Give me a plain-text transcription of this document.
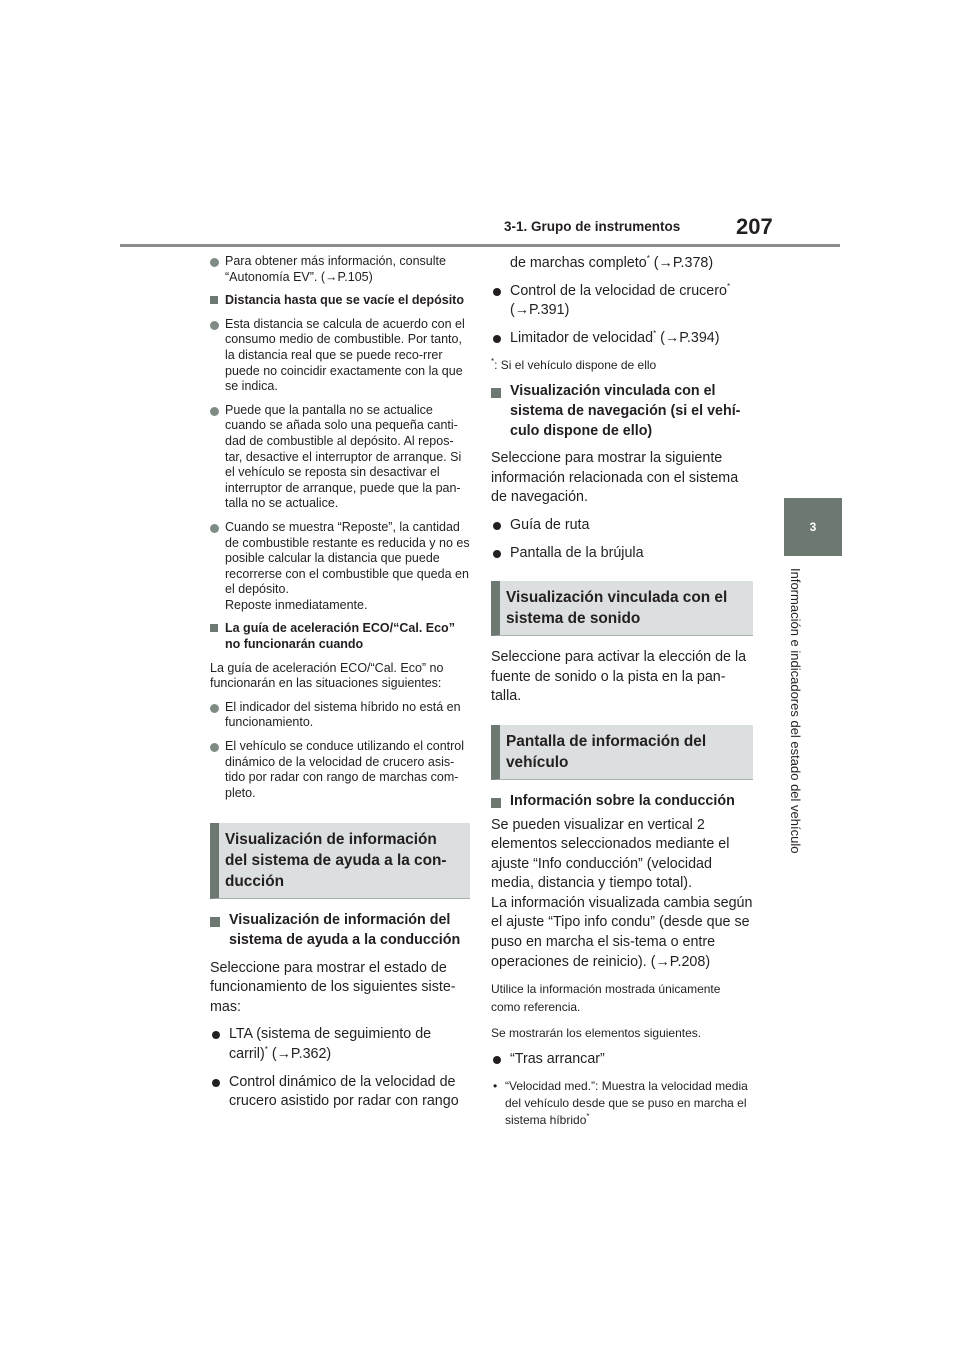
3-1. Grupo de instrumentos	207
3
Información e indicadores del estado del vehículo
Para obtener más información, consulte “Autonomía EV”. (→P.105)
Distancia hasta que se vacíe el depósito
Esta distancia se calcula de acuerdo con el consumo medio de combustible. Por tanto, la distancia real que se puede reco-rrer puede no coincidir exactamente con la que se indica.
Puede que la pantalla no se actualice cuando se añada solo una pequeña canti-dad de combustible al depósito. Al repos-tar, desactive el interruptor de arranque. Si el vehículo se reposta sin desactivar el interruptor de arranque, puede que la pan-talla no se actualice.
Cuando se muestra “Reposte”, la cantidad de combustible restante es reducida y no es posible calcular la distancia que puede recorrerse con el combustible que queda en el depósito.
Reposte inmediatamente.
La guía de aceleración ECO/“Cal. Eco” no funcionarán cuando
La guía de aceleración ECO/“Cal. Eco” no funcionarán en las situaciones siguientes:
El indicador del sistema híbrido no está en funcionamiento.
El vehículo se conduce utilizando el control dinámico de la velocidad de crucero asis-tido por radar con rango de marchas com-pleto.
Visualización de información del sistema de ayuda a la con-ducción
Visualización de información del sistema de ayuda a la conducción
Seleccione para mostrar el estado de funcionamiento de los siguientes siste-mas:
LTA (sistema de seguimiento de carril)* (→P.362)
Control dinámico de la velocidad de crucero asistido por radar con rango
de marchas completo* (→P.378)
Control de la velocidad de crucero*
(→P.391)
Limitador de velocidad* (→P.394)
*: Si el vehículo dispone de ello
Visualización vinculada con el sistema de navegación (si el vehí-culo dispone de ello)
Seleccione para mostrar la siguiente información relacionada con el sistema de navegación.
Guía de ruta
Pantalla de la brújula
Visualización vinculada con el sistema de sonido
Seleccione para activar la elección de la fuente de sonido o la pista en la pan-talla.
Pantalla de información del vehículo
Información sobre la conducción
Se pueden visualizar en vertical 2 elementos seleccionados mediante el ajuste “Info conducción” (velocidad media, distancia y tiempo total).
La información visualizada cambia según el ajuste “Tipo info condu” (desde que se puso en marcha el sis-tema o entre operaciones de reinicio). (→P.208)
Utilice la información mostrada únicamente como referencia.
Se mostrarán los elementos siguientes.
“Tras arrancar”
• “Velocidad med.”: Muestra la velocidad media del vehículo desde que se puso en marcha el sistema híbrido*
